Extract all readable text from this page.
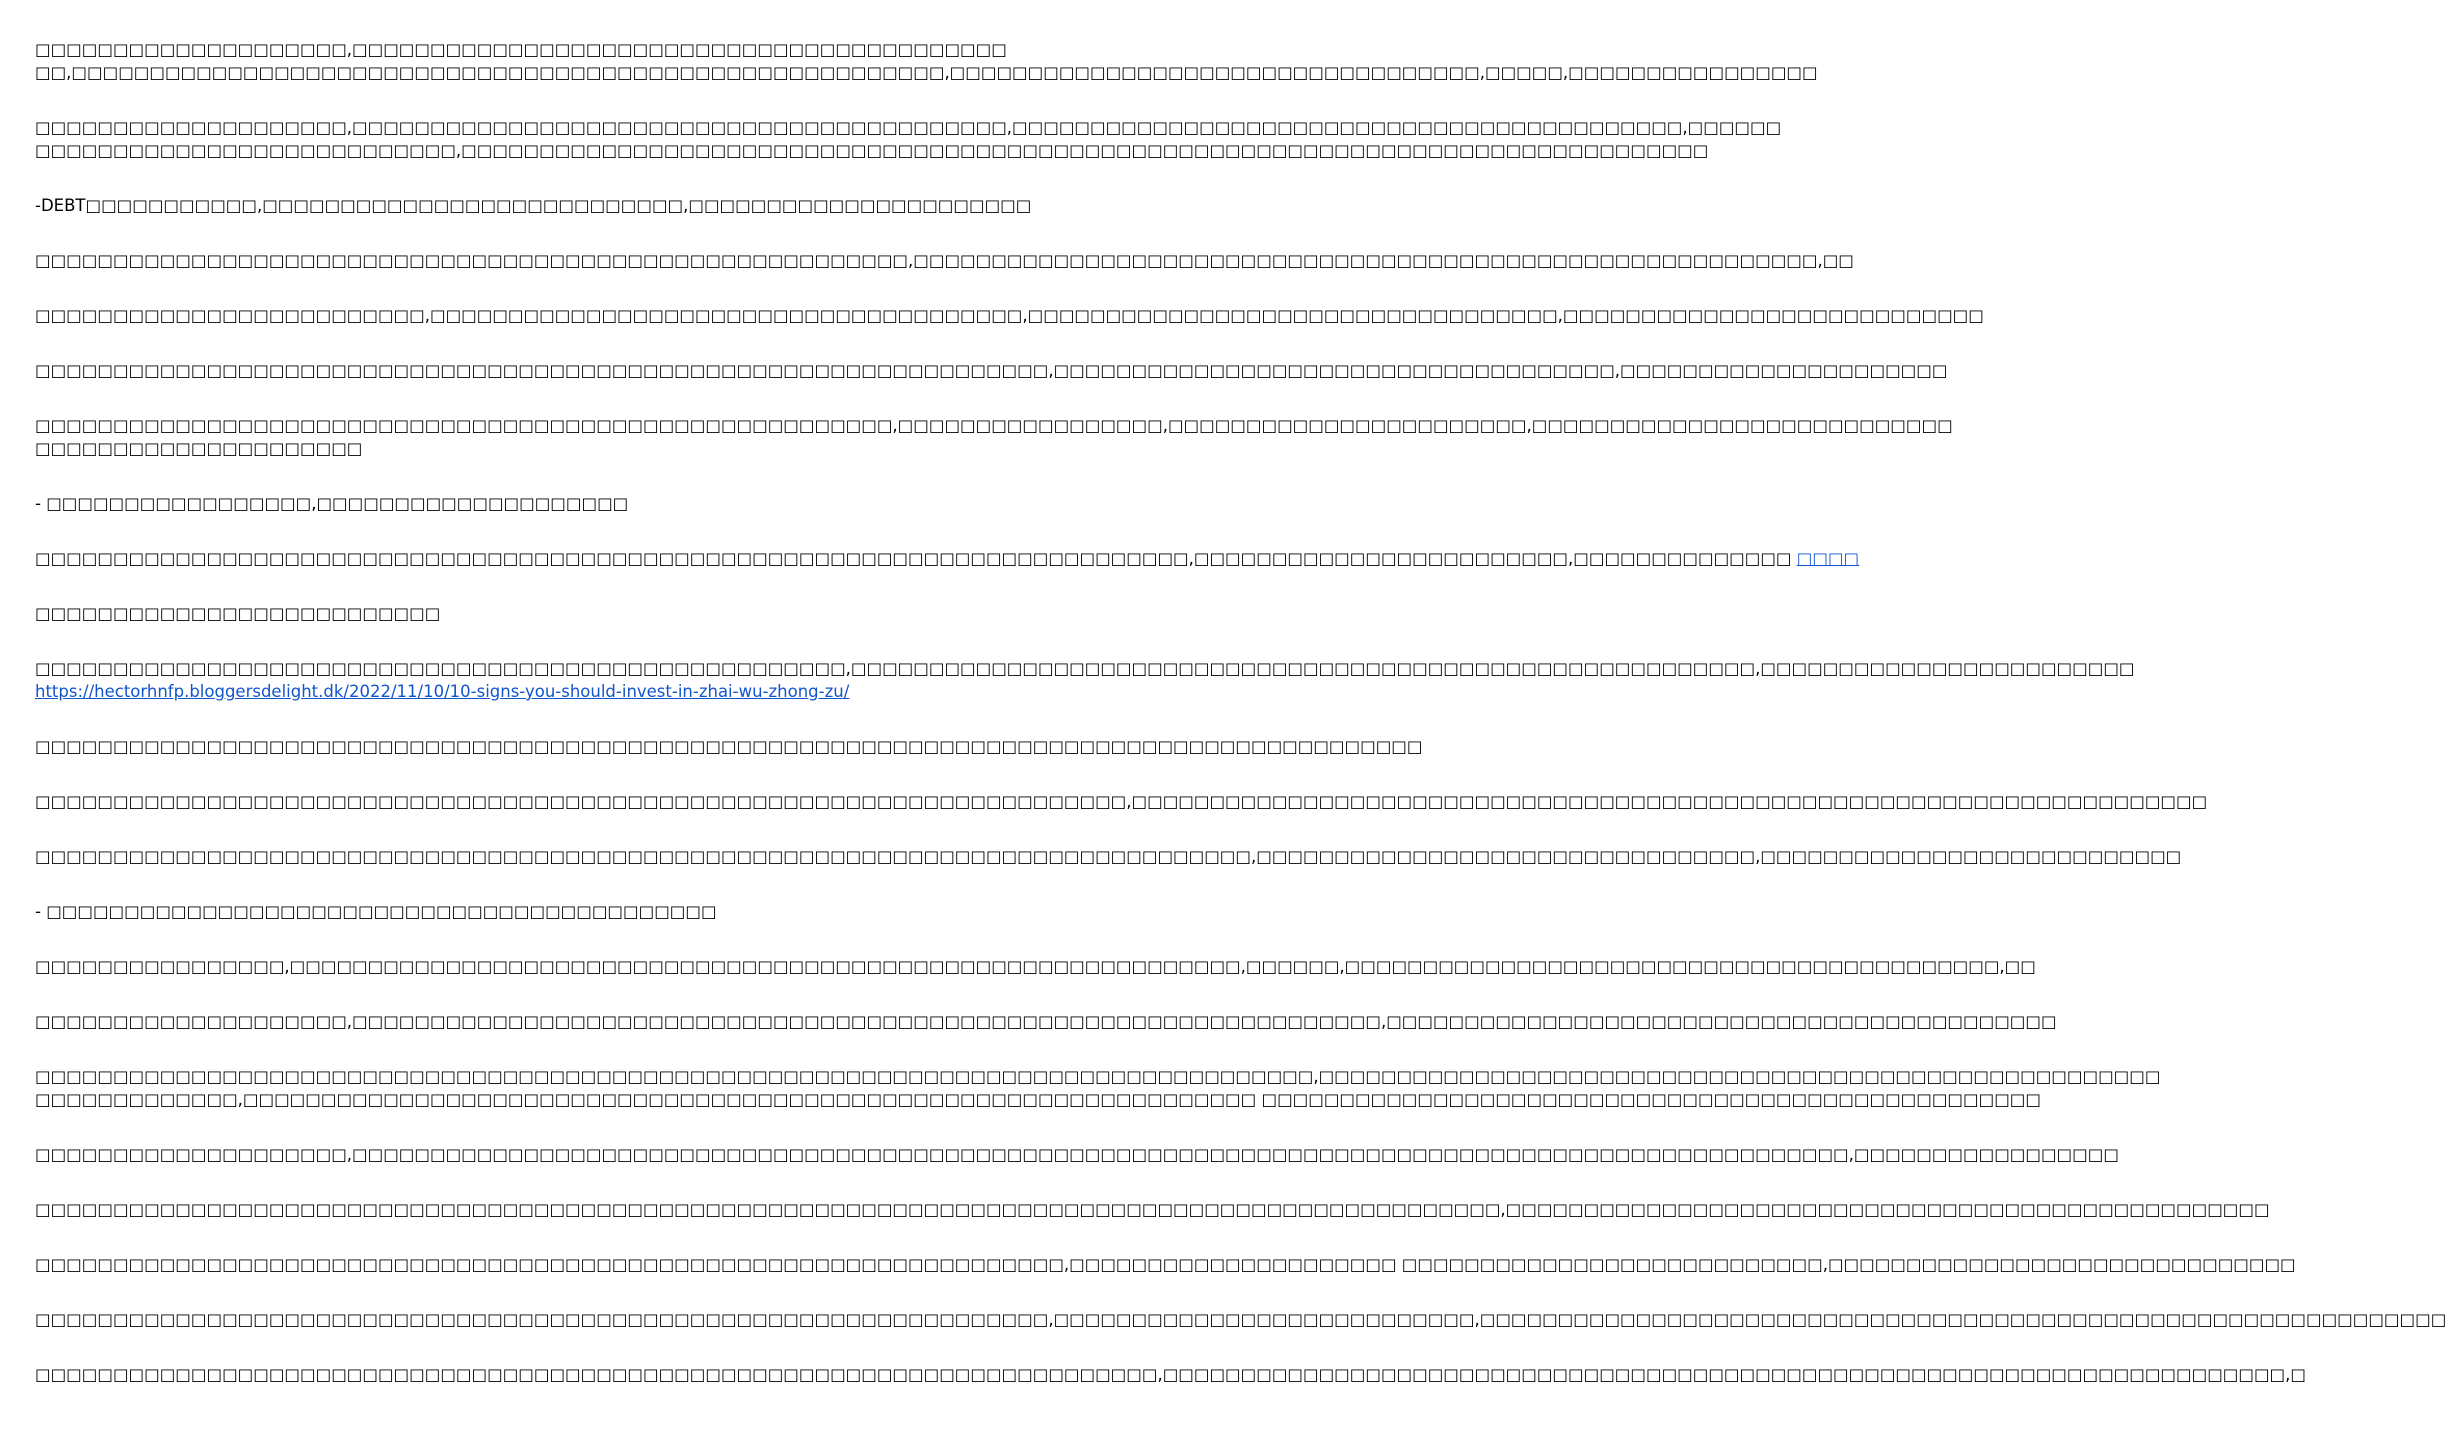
□□□□□□□□□□□□□□□□□□□□,□□□□□□□□□□□□□□□□□□□□□□□□□□□□□□□□□□□□□□□□□□
□□,□□□□□□□□□□□□□□□□□□□□□□□□□□□□□□□□□□□□□□□□□□□□□□□□□□□□□□□□,□□□□□□□□□□□□□□□□□□□□□□□□□□□□□□□□□□,□□□□□,□□□□□□□□□□□□□□□□

□□□□□□□□□□□□□□□□□□□□,□□□□□□□□□□□□□□□□□□□□□□□□□□□□□□□□□□□□□□□□□□,□□□□□□□□□□□□□□□□□□□□□□□□□□□□□□□□□□□□□□□□□□□,□□□□□□
□□□□□□□□□□□□□□□□□□□□□□□□□□□,□□□□□□□□□□□□□□□□□□□□□□□□□□□□□□□□□□□□□□□□□□□□□□□□□□□□□□□□□□□□□□□□□□□□□□□□□□□□□□□□

-DEBT□□□□□□□□□□□,□□□□□□□□□□□□□□□□□□□□□□□□□□□,□□□□□□□□□□□□□□□□□□□□□□

□□□□□□□□□□□□□□□□□□□□□□□□□□□□□□□□□□□□□□□□□□□□□□□□□□□□□□□□,□□□□□□□□□□□□□□□□□□□□□□□□□□□□□□□□□□□□□□□□□□□□□□□□□□□□□□□□□□,□□

□□□□□□□□□□□□□□□□□□□□□□□□□,□□□□□□□□□□□□□□□□□□□□□□□□□□□□□□□□□□□□□□,□□□□□□□□□□□□□□□□□□□□□□□□□□□□□□□□□□,□□□□□□□□□□□□□□□□□□□□□□□□□□□

□□□□□□□□□□□□□□□□□□□□□□□□□□□□□□□□□□□□□□□□□□□□□□□□□□□□□□□□□□□□□□□□□,□□□□□□□□□□□□□□□□□□□□□□□□□□□□□□□□□□□□,□□□□□□□□□□□□□□□□□□□□□

□□□□□□□□□□□□□□□□□□□□□□□□□□□□□□□□□□□□□□□□□□□□□□□□□□□□□□□,□□□□□□□□□□□□□□□□□,□□□□□□□□□□□□□□□□□□□□□□□,□□□□□□□□□□□□□□□□□□□□□□□□□□□
□□□□□□□□□□□□□□□□□□□□□

- □□□□□□□□□□□□□□□□□,□□□□□□□□□□□□□□□□□□□□

□□□□□□□□□□□□□□□□□□□□□□□□□□□□□□□□□□□□□□□□□□□□□□□□□□□□□□□□□□□□□□□□□□□□□□□□□□,□□□□□□□□□□□□□□□□□□□□□□□□,□□□□□□□□□□□□□□ □□□□

□□□□□□□□□□□□□□□□□□□□□□□□□□

□□□□□□□□□□□□□□□□□□□□□□□□□□□□□□□□□□□□□□□□□□□□□□□□□□□□,□□□□□□□□□□□□□□□□□□□□□□□□□□□□□□□□□□□□□□□□□□□□□□□□□□□□□□□□□□,□□□□□□□□□□□□□□□□□□□□□□□□
https://hectorhnfp.bloggersdelight.dk/2022/11/10/10-signs-you-should-invest-in-zhai-wu-zhong-zu/

□□□□□□□□□□□□□□□□□□□□□□□□□□□□□□□□□□□□□□□□□□□□□□□□□□□□□□□□□□□□□□□□□□□□□□□□□□□□□□□□□□□□□□□□□

□□□□□□□□□□□□□□□□□□□□□□□□□□□□□□□□□□□□□□□□□□□□□□□□□□□□□□□□□□□□□□□□□□□□□□,□□□□□□□□□□□□□□□□□□□□□□□□□□□□□□□□□□□□□□□□□□□□□□□□□□□□□□□□□□□□□□□□□□□□□

□□□□□□□□□□□□□□□□□□□□□□□□□□□□□□□□□□□□□□□□□□□□□□□□□□□□□□□□□□□□□□□□□□□□□□□□□□□□□□,□□□□□□□□□□□□□□□□□□□□□□□□□□□□□□□□,□□□□□□□□□□□□□□□□□□□□□□□□□□□

- □□□□□□□□□□□□□□□□□□□□□□□□□□□□□□□□□□□□□□□□□□□

□□□□□□□□□□□□□□□□,□□□□□□□□□□□□□□□□□□□□□□□□□□□□□□□□□□□□□□□□□□□□□□□□□□□□□□□□□□□□□,□□□□□□,□□□□□□□□□□□□□□□□□□□□□□□□□□□□□□□□□□□□□□□□□□,□□

□□□□□□□□□□□□□□□□□□□□,□□□□□□□□□□□□□□□□□□□□□□□□□□□□□□□□□□□□□□□□□□□□□□□□□□□□□□□□□□□□□□□□□□,□□□□□□□□□□□□□□□□□□□□□□□□□□□□□□□□□□□□□□□□□□□

□□□□□□□□□□□□□□□□□□□□□□□□□□□□□□□□□□□□□□□□□□□□□□□□□□□□□□□□□□□□□□□□□□□□□□□□□□□□□□□□□□,□□□□□□□□□□□□□□□□□□□□□□□□□□□□□□□□□□□□□□□□□□□□□□□□□□□□□□
□□□□□□□□□□□□□,□□□□□□□□□□□□□□□□□□□□□□□□□□□□□□□□□□□□□□□□□□□□□□□□□□□□□□□□□□□□□□□□□ □□□□□□□□□□□□□□□□□□□□□□□□□□□□□□□□□□□□□□□□□□□□□□□□□□

□□□□□□□□□□□□□□□□□□□□,□□□□□□□□□□□□□□□□□□□□□□□□□□□□□□□□□□□□□□□□□□□□□□□□□□□□□□□□□□□□□□□□□□□□□□□□□□□□□□□□□□□□□□□□□□□□□□□□,□□□□□□□□□□□□□□□□□

□□□□□□□□□□□□□□□□□□□□□□□□□□□□□□□□□□□□□□□□□□□□□□□□□□□□□□□□□□□□□□□□□□□□□□□□□□□□□□□□□□□□□□□□□□□□□□,□□□□□□□□□□□□□□□□□□□□□□□□□□□□□□□□□□□□□□□□□□□□□□□□□

□□□□□□□□□□□□□□□□□□□□□□□□□□□□□□□□□□□□□□□□□□□□□□□□□□□□□□□□□□□□□□□□□□,□□□□□□□□□□□□□□□□□□□□□ □□□□□□□□□□□□□□□□□□□□□□□□□□□,□□□□□□□□□□□□□□□□□□□□□□□□□□□□□□

□□□□□□□□□□□□□□□□□□□□□□□□□□□□□□□□□□□□□□□□□□□□□□□□□□□□□□□□□□□□□□□□□,□□□□□□□□□□□□□□□□□□□□□□□□□□□,□□□□□□□□□□□□□□□□□□□□□□□□□□□□□□□□□□□□□□□□□□□□□□□□□□□□□□□□□□□□□□

□□□□□□□□□□□□□□□□□□□□□□□□□□□□□□□□□□□□□□□□□□□□□□□□□□□□□□□□□□□□□□□□□□□□□□□□,□□□□□□□□□□□□□□□□□□□□□□□□□□□□□□□□□□□□□□□□□□□□□□□□□□□□□□□□□□□□□□□□□□□□□□□□,□
